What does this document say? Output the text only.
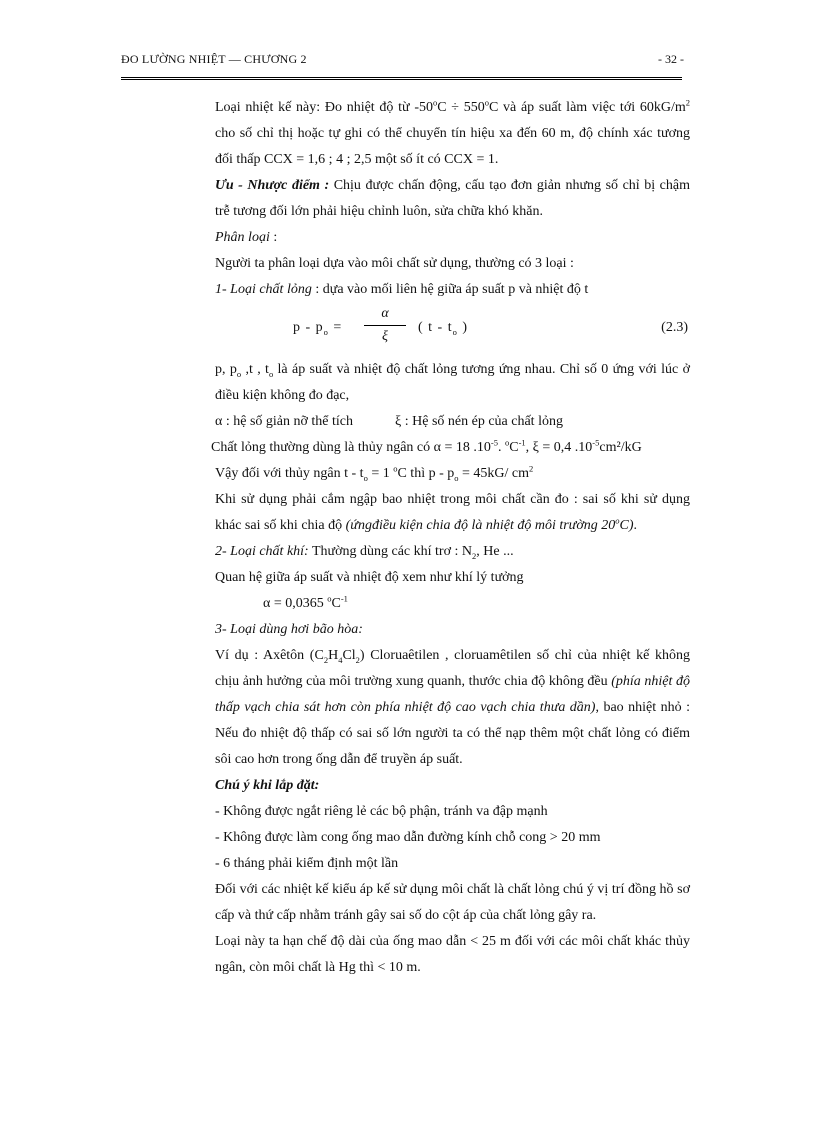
ĐO LƯỜNG NHIỆT — CHƯƠNG 2	- 32 -

Loại nhiệt kế này: Đo nhiệt độ từ $-50^oC \div 550^oC$ và áp suất làm việc tới $60kG/m^2$ cho số chỉ thị hoặc tự ghi có thể chuyển tín hiệu xa đến 60 m, độ chính xác tương đối thấp CCX = 1,6 ; 4 ; 2,5 một số ít có CCX = 1.

Ưu - Nhược điểm : Chịu được chấn động, cấu tạo đơn giản nhưng số chỉ bị chậm trễ tương đối lớn phải hiệu chỉnh luôn, sửa chữa khó khăn.

Phân loại :

Người ta phân loại dựa vào môi chất sử dụng, thường có 3 loại :

1- Loại chất lỏng : dựa vào mối liên hệ giữa áp suất p và nhiệt độ t

p - $p_o$ =
α
ξ
( t - $t_o$ )	(2.3)

p, $p_o$ ,t , $t_o$ là áp suất và nhiệt độ chất lỏng tương ứng nhau. Chỉ số 0 ứng với lúc ở điều kiện không đo đạc,

α : hệ số giản nỡ thể tích	ξ : Hệ số nén ép của chất lỏng

Chất lỏng thường dùng là thủy ngân có α = 18 $.10^{-5}$. $^oC^{-1}$, ξ = 0,4 $.10^{-5}cm^2/kG$

Vậy đối với thủy ngân $t - t_o = 1$ $^o$C thì $p - p_o = 45kG/$ $cm^2$

Khi sử dụng phải cắm ngập bao nhiệt trong môi chất cần đo : sai số khi sử dụng khác sai số khi chia độ (ứngđiều kiện chia độ là nhiệt độ môi trường 20$^o$C).

2- Loại chất khí: Thường dùng các khí trơ : $N_2$, He ...

Quan hệ giữa áp suất và nhiệt độ xem như khí lý tưởng

α = 0,0365 $^oC^{-1}$

3- Loại dùng hơi bão hòa:

Ví dụ : Axêtôn $(C_2H_4Cl_2)$ Cloruaêtilen , cloruamêtilen số chỉ của nhiệt kế không chịu ảnh hưởng của môi trường xung quanh, thước chia độ không đều (phía nhiệt độ thấp vạch chia sát hơn còn phía nhiệt độ cao vạch chia thưa dần), bao nhiệt nhỏ : Nếu đo nhiệt độ thấp có sai số lớn người ta có thể nạp thêm một chất lỏng có điểm sôi cao hơn trong ống dẫn để truyền áp suất.

Chú ý khi lắp đặt:

- Không được ngắt riêng lẻ các bộ phận, tránh va đập mạnh

- Không được làm cong ống mao dẫn đường kính chỗ cong > 20 mm

- 6 tháng phải kiểm định một lần

Đối với các nhiệt kế kiểu áp kế sử dụng môi chất là chất lỏng chú ý vị trí đồng hồ sơ cấp và thứ cấp nhằm tránh gây sai số do cột áp của chất lỏng gây ra.

Loại này ta hạn chế độ dài của ống mao dẫn < 25 m đối với các môi chất khác thủy ngân, còn môi chất là Hg thì < 10 m.
